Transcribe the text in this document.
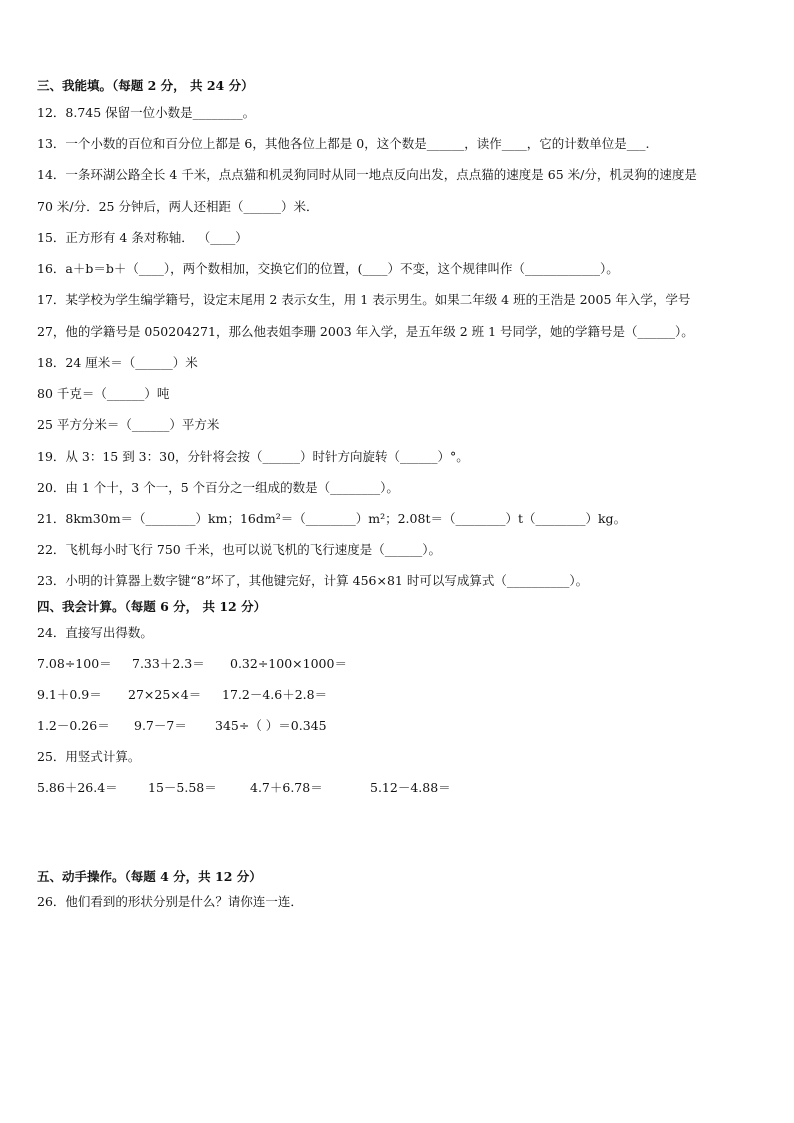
三、我能填。（每题 2 分， 共 24 分）
12．8.745 保留一位小数是________。
13．一个小数的百位和百分位上都是 6，其他各位上都是 0，这个数是______，读作____，它的计数单位是___.
14．一条环湖公路全长 4 千米，点点猫和机灵狗同时从同一地点反向出发，点点猫的速度是 65 米/分，机灵狗的速度是
70 米/分．25 分钟后，两人还相距（______）米．
15．正方形有 4 条对称轴． （____）
16．a＋b＝b＋（____），两个数相加，交换它们的位置，(____）不变，这个规律叫作（____________）。
17．某学校为学生编学籍号，设定末尾用 2 表示女生，用 1 表示男生。如果二年级 4 班的王浩是 2005 年入学，学号
27，他的学籍号是 050204271，那么他表姐李珊 2003 年入学，是五年级 2 班 1 号同学，她的学籍号是（______）。
18．24 厘米＝（______）米
80 千克＝（______）吨
25 平方分米＝（______）平方米
19．从 3：15 到 3：30，分针将会按（______）时针方向旋转（______）°。
20．由 1 个十，3 个一，5 个百分之一组成的数是（________）。
21．8km30m＝（________）km；16dm²＝（________）m²；2.08t＝（________）t（________）kg。
22．飞机每小时飞行 750 千米，也可以说飞机的飞行速度是（______）。
23．小明的计算器上数字键“8”坏了，其他键完好，计算 456×81 时可以写成算式（__________）。
四、我会计算。（每题 6 分， 共 12 分）
24．直接写出得数。
7.08÷100＝ 7.33＋2.3＝ 0.32÷100×1000＝
9.1＋0.9＝ 27×25×4＝ 17.2－4.6＋2.8＝
1.2－0.26＝ 9.7－7＝ 345÷（ ）＝0.345
25．用竖式计算。
5.86＋26.4＝ 15－5.58＝	4.7＋6.78＝	5.12－4.88＝
五、动手操作。（每题 4 分，共 12 分）
26．他们看到的形状分别是什么？请你连一连．
